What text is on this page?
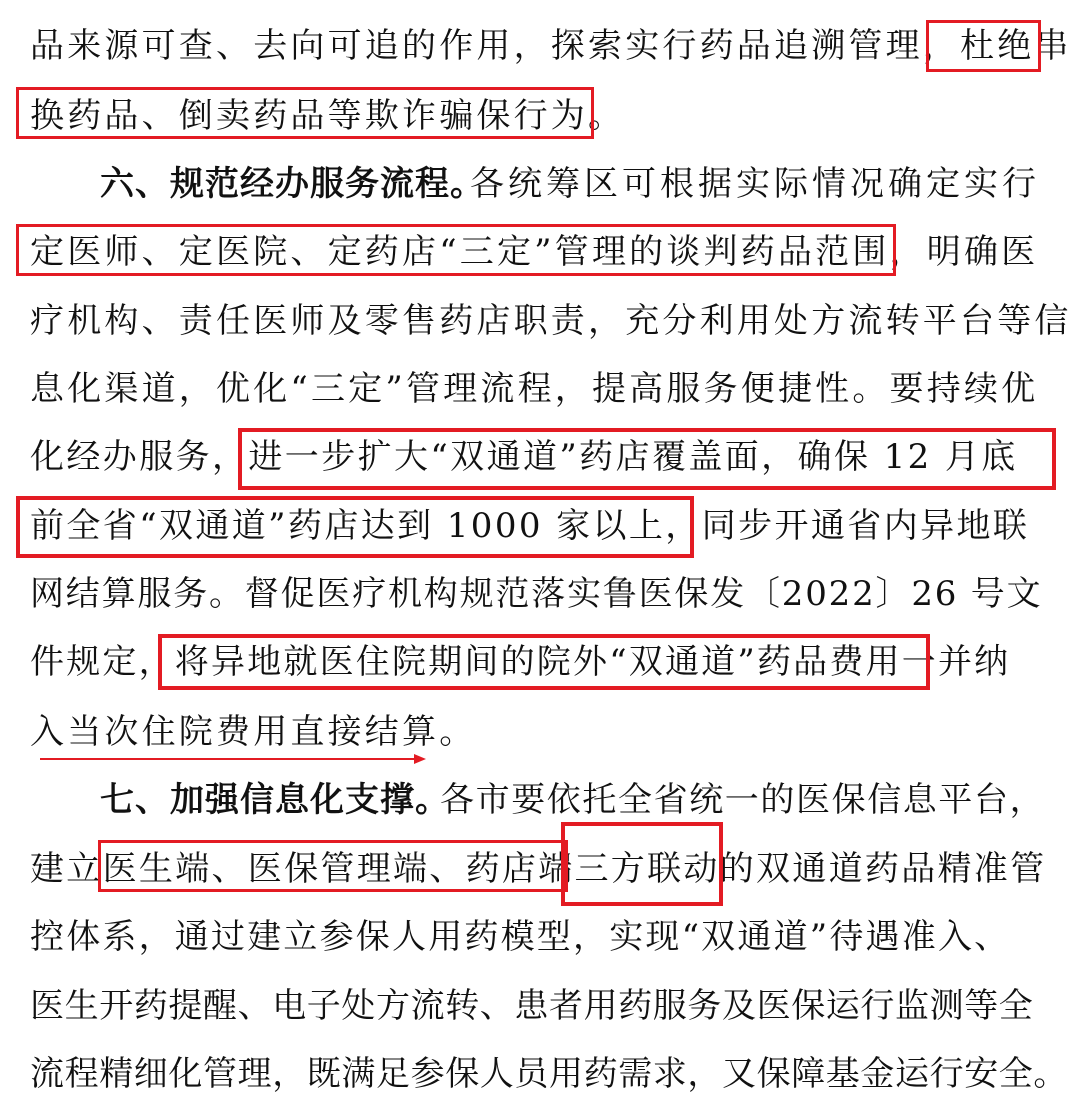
品来源可查、去向可追的作用，探索实行药品追溯管理，杜绝串
换药品、倒卖药品等欺诈骗保行为。
六、规范经办服务流程。
各统筹区可根据实际情况确定实行
定医师、定医院、定药店“三定”管理的谈判药品范围，明确医
疗机构、责任医师及零售药店职责，充分利用处方流转平台等信
息化渠道，优化“三定”管理流程，提高服务便捷性。要持续优
化经办服务，进一步扩大“双通道”药店覆盖面，确保 12 月底
前全省“双通道”药店达到 1000 家以上，同步开通省内异地联
网结算服务。督促医疗机构规范落实鲁医保发〔2022〕26 号文
件规定，将异地就医住院期间的院外“双通道”药品费用一并纳
入当次住院费用直接结算。
七、加强信息化支撑。
各市要依托全省统一的医保信息平台，
建立医生端、医保管理端、药店端三方联动的双通道药品精准管
控体系，通过建立参保人用药模型，实现“双通道”待遇准入、
医生开药提醒、电子处方流转、患者用药服务及医保运行监测等全
流程精细化管理，既满足参保人员用药需求，又保障基金运行安全。
